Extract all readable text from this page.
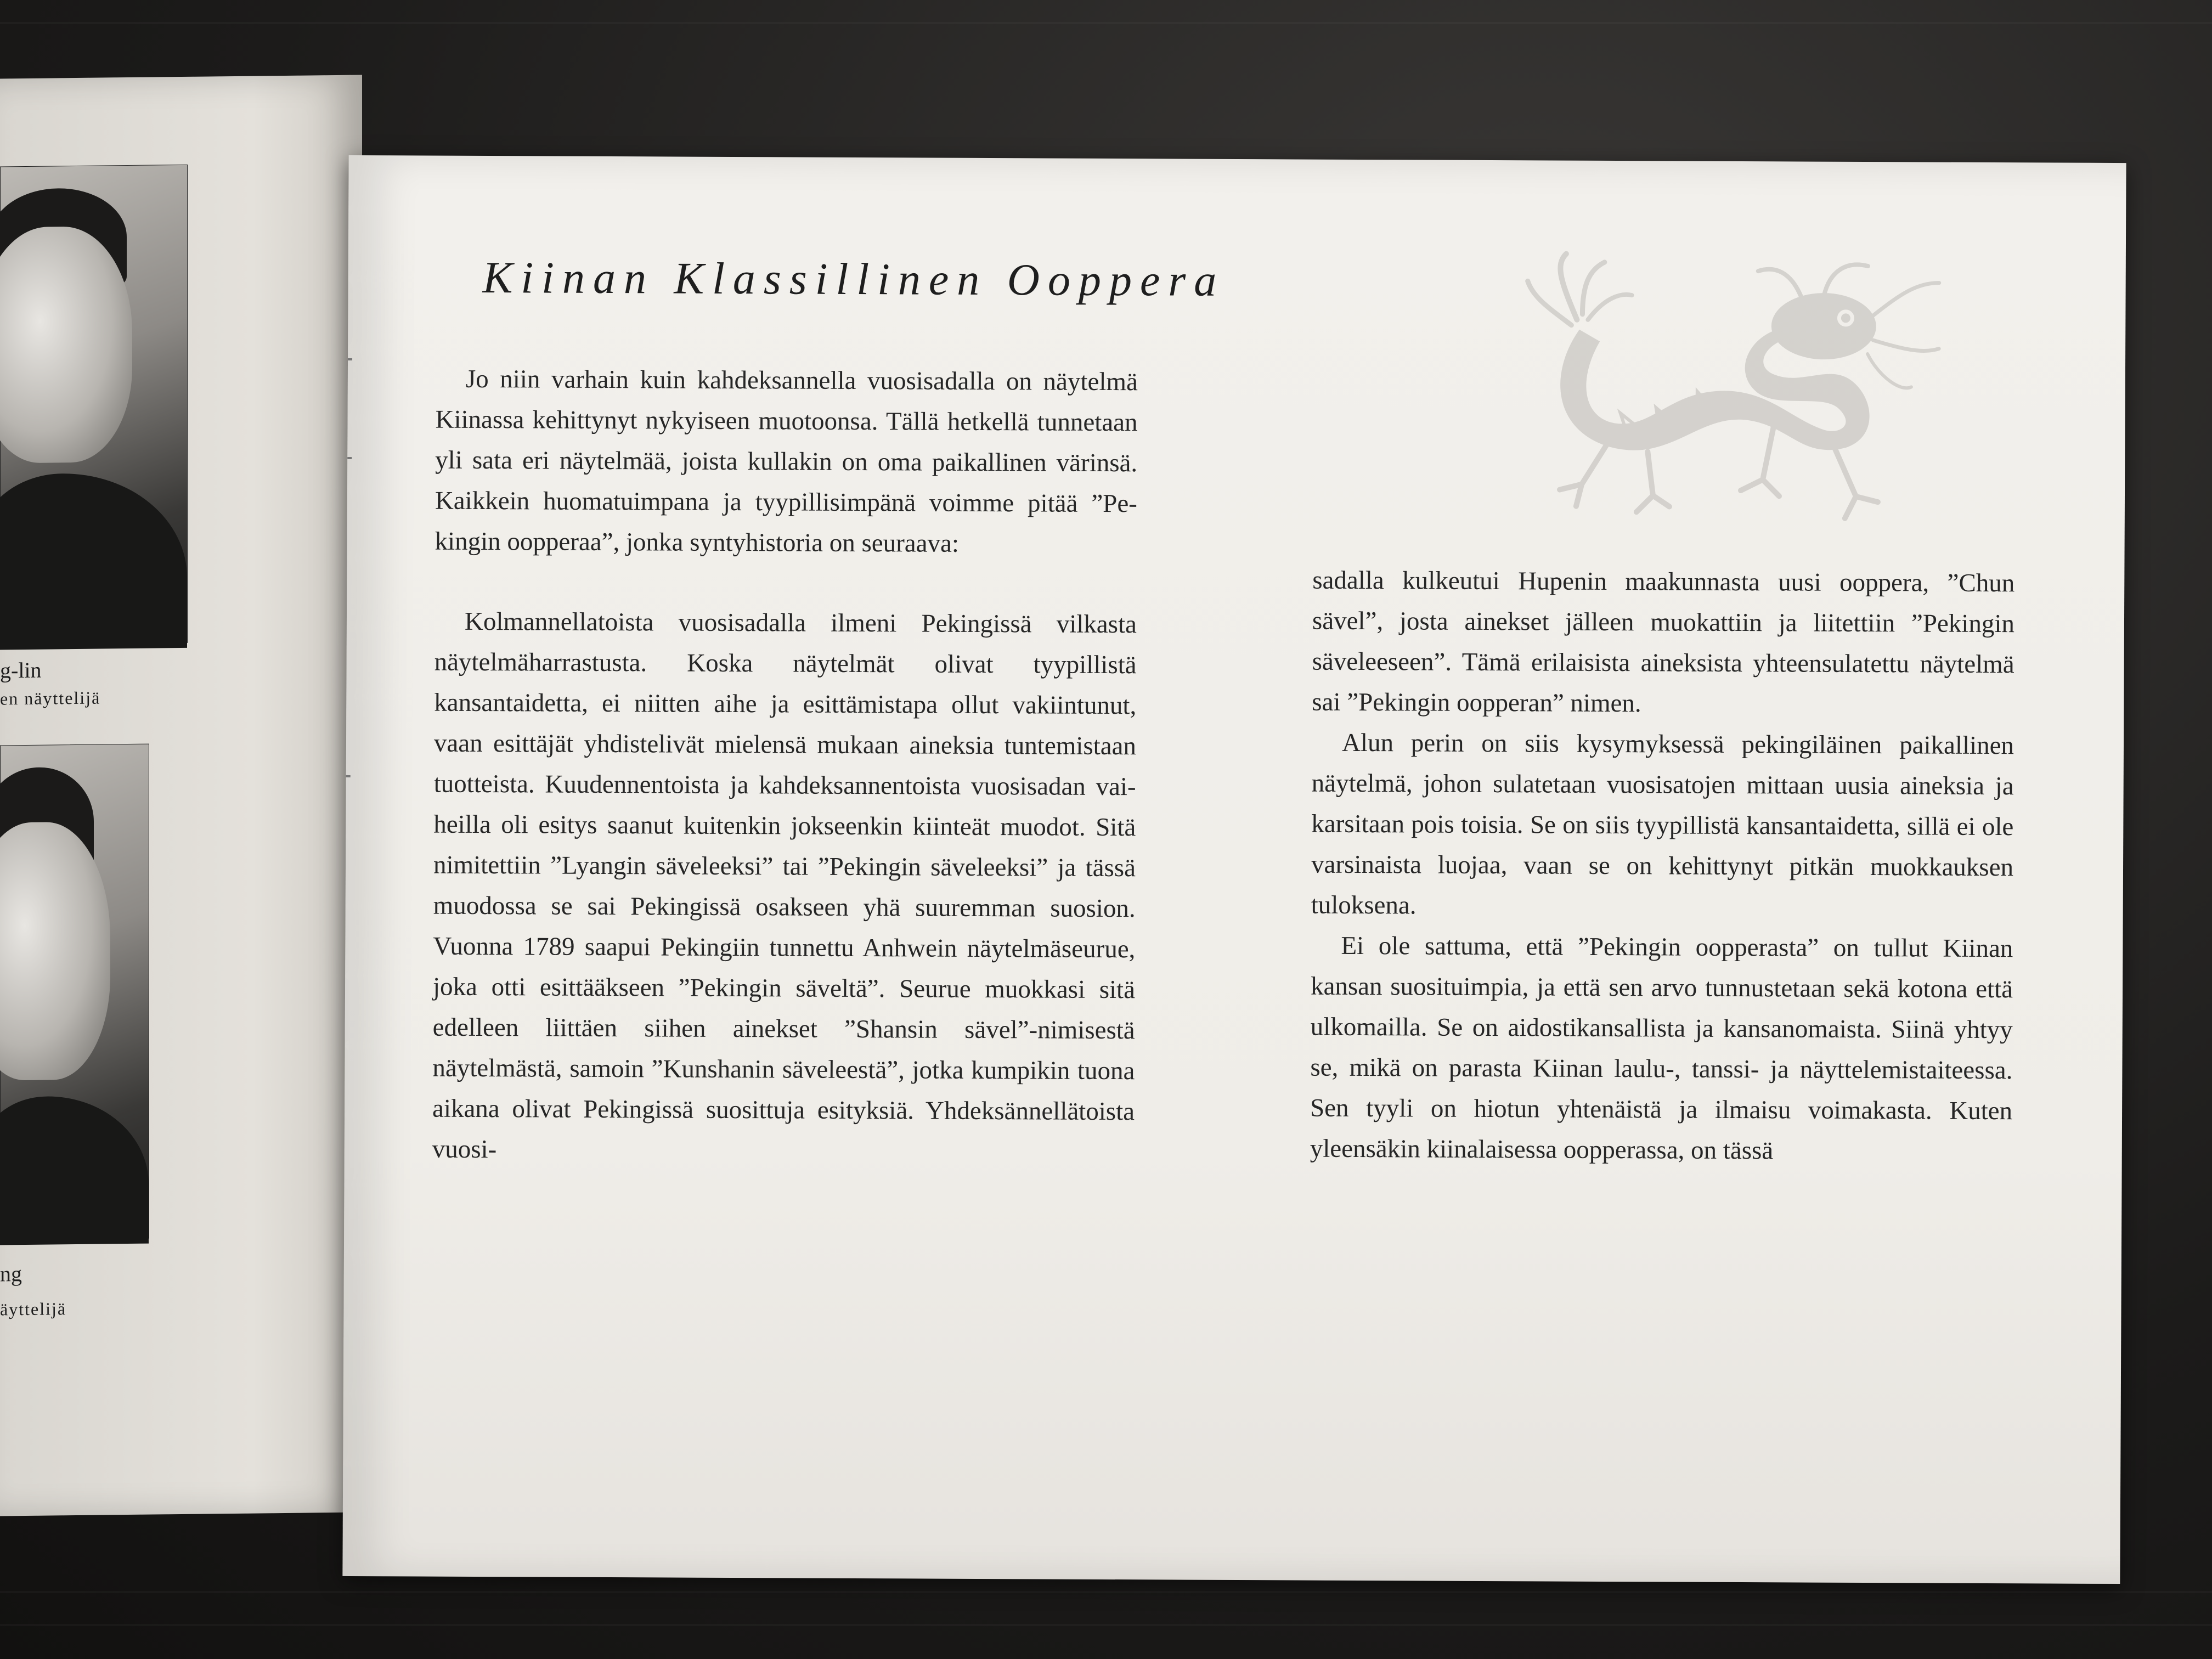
g-lin
en näyttelijä
ng
äyttelijä
Kiinan Klassillinen Ooppera

Jo niin varhain kuin kahdeksannella vuosisadalla on näytelmä Kiinassa kehittynyt nykyiseen muotoonsa. Tällä hetkellä tunnetaan yli sata eri näytelmää, joista kullakin on oma paikallinen värinsä. Kaikkein huomatuimpana ja tyypillisimpänä voimme pitää ”Pekingin oopperaa”, jonka syntyhistoria on seuraava:

Kolmannellatoista vuosisadalla ilmeni Pekingissä vilkasta näytelmäharrastusta. Koska näytelmät olivat tyypillistä kansantaidetta, ei niitten aihe ja esittämistapa ollut vakiintunut, vaan esittäjät yhdistelivät mielensä mukaan aineksia tuntemistaan tuotteista. Kuudennentoista ja kahdeksannentoista vuosisadan vaiheilla oli esitys saanut kuitenkin jokseenkin kiinteät muodot. Sitä nimitettiin ”Lyangin säveleeksi” tai ”Pekingin säveleeksi” ja tässä muodossa se sai Pekingissä osakseen yhä suuremman suosion. Vuonna 1789 saapui Pekingiin tunnettu Anhwein näytelmäseurue, joka otti esittääkseen ”Pekingin säveltä”. Seurue muokkasi sitä edelleen liittäen siihen ainekset ”Shansin sävel”-nimisestä näytelmästä, samoin ”Kunshanin säveleestä”, jotka kumpikin tuona aikana olivat Pekingissä suosittuja esityksiä. Yhdeksännellätoista vuosi-

sadalla kulkeutui Hupenin maakunnasta uusi ooppera, ”Chun sävel”, josta ainekset jälleen muokattiin ja liitettiin ”Pekingin säveleeseen”. Tämä erilaisista aineksista yhteensulatettu näytelmä sai ”Pekingin oopperan” nimen.

Alun perin on siis kysymyksessä pekingiläinen paikallinen näytelmä, johon sulatetaan vuosisatojen mittaan uusia aineksia ja karsitaan pois toisia. Se on siis tyypillistä kansantaidetta, sillä ei ole varsinaista luojaa, vaan se on kehittynyt pitkän muokkauksen tuloksena.

Ei ole sattuma, että ”Pekingin oopperasta” on tullut Kiinan kansan suosituimpia, ja että sen arvo tunnustetaan sekä kotona että ulkomailla. Se on aidostikansallista ja kansanomaista. Siinä yhtyy se, mikä on parasta Kiinan laulu-, tanssi- ja näyttelemistaiteessa. Sen tyyli on hiotun yhtenäistä ja ilmaisu voimakasta. Kuten yleensäkin kiinalaisessa oopperassa, on tässä
